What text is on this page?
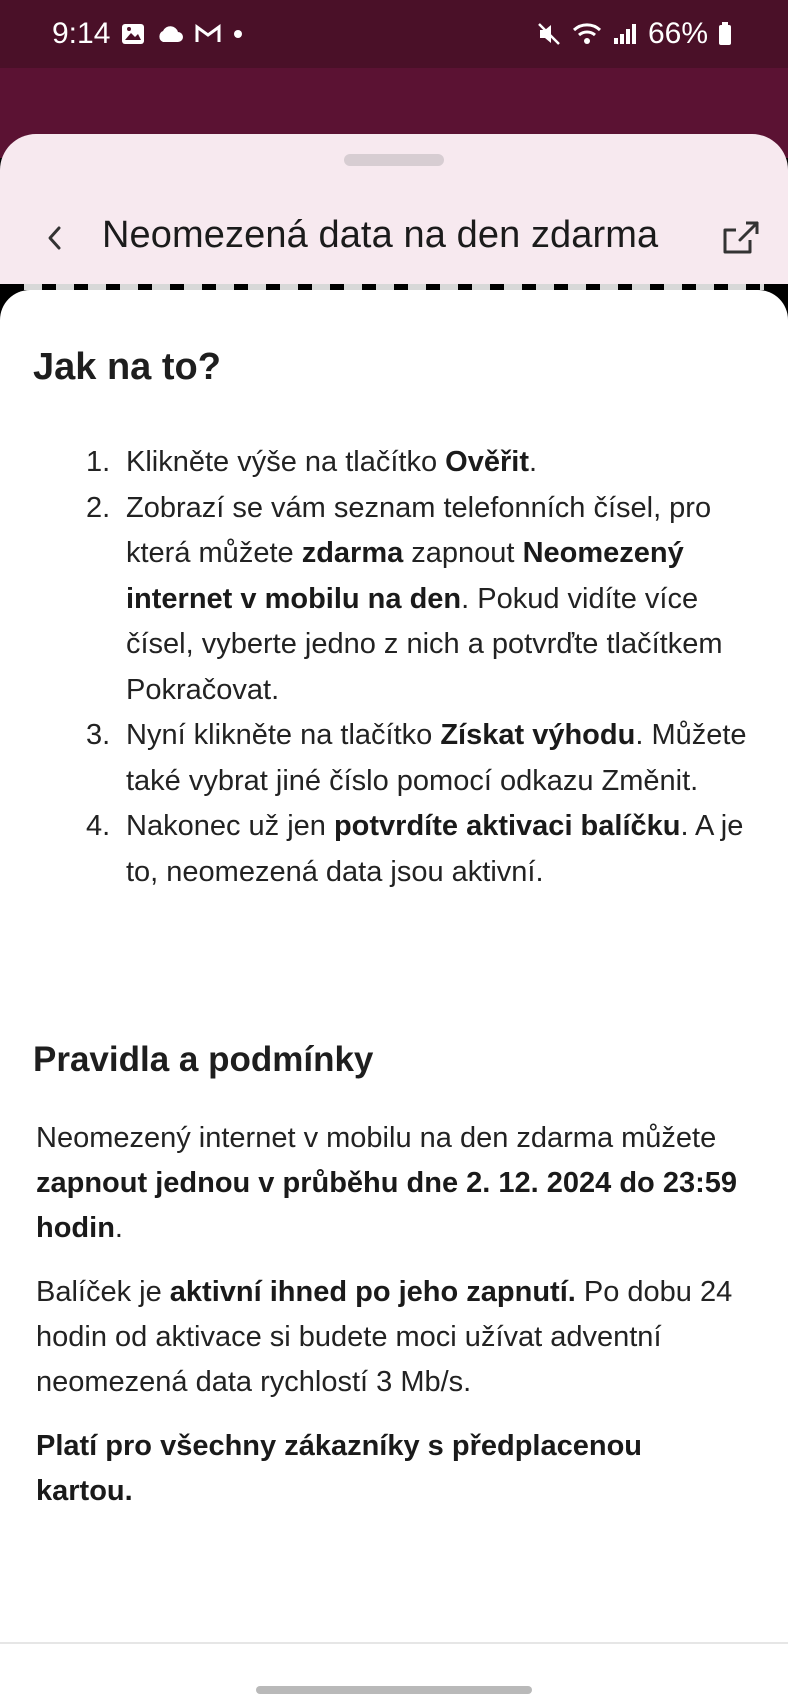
9:14	66%
Neomezená data na den zdarma
Jak na to?
1. Klikněte výše na tlačítko Ověřit.
2. Zobrazí se vám seznam telefonních čísel, pro která můžete zdarma zapnout Neomezený internet v mobilu na den. Pokud vidíte více čísel, vyberte jedno z nich a potvrďte tlačítkem Pokračovat.
3. Nyní klikněte na tlačítko Získat výhodu. Můžete také vybrat jiné číslo pomocí odkazu Změnit.
4. Nakonec už jen potvrdíte aktivaci balíčku. A je to, neomezená data jsou aktivní.
Pravidla a podmínky
Neomezený internet v mobilu na den zdarma můžete zapnout jednou v průběhu dne 2. 12. 2024 do 23:59 hodin.
Balíček je aktivní ihned po jeho zapnutí. Po dobu 24 hodin od aktivace si budete moci užívat adventní neomezená data rychlostí 3 Mb/s.
Platí pro všechny zákazníky s předplacenou kartou.
